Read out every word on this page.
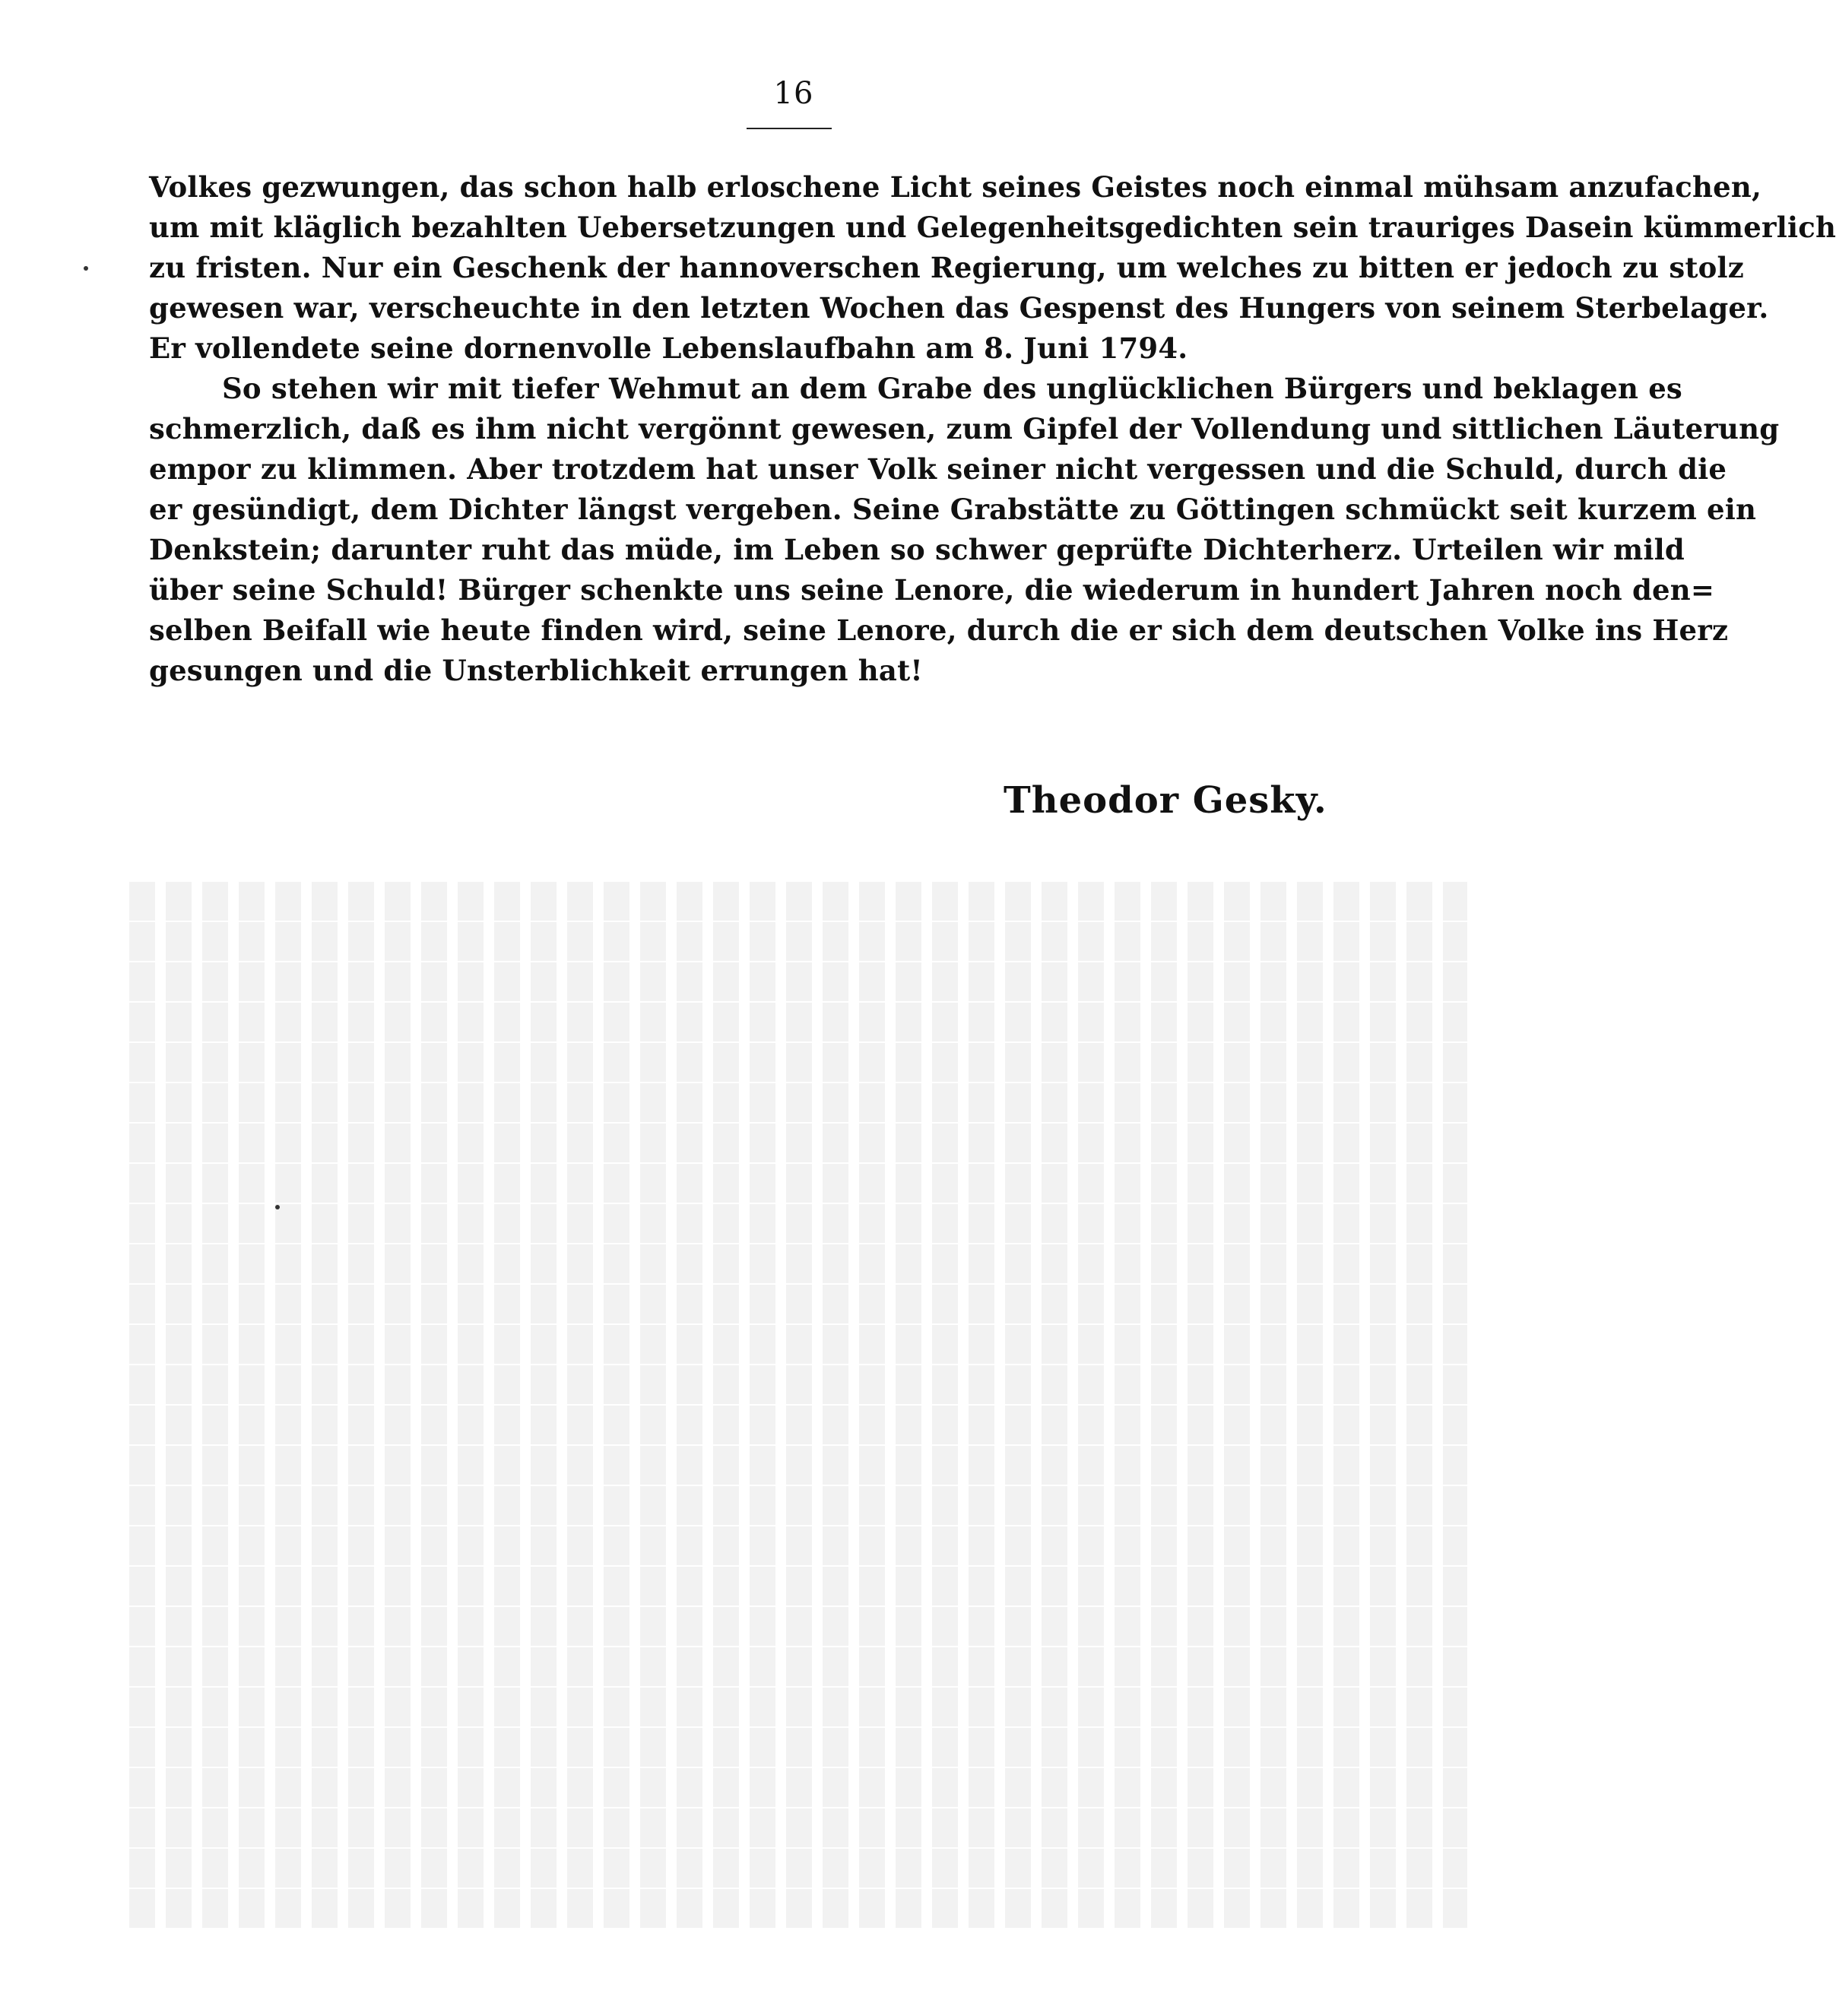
16
Volkes gezwungen, das schon halb erloschene Licht seines Geistes noch einmal mühsam anzufachen,
um mit kläglich bezahlten Uebersetzungen und Gelegenheitsgedichten sein trauriges Dasein kümmerlich
zu fristen. Nur ein Geschenk der hannoverschen Regierung, um welches zu bitten er jedoch zu stolz
gewesen war, verscheuchte in den letzten Wochen das Gespenst des Hungers von seinem Sterbelager.
Er vollendete seine dornenvolle Lebenslaufbahn am 8. Juni 1794.
So stehen wir mit tiefer Wehmut an dem Grabe des unglücklichen Bürgers und beklagen es
schmerzlich, daß es ihm nicht vergönnt gewesen, zum Gipfel der Vollendung und sittlichen Läuterung
empor zu klimmen. Aber trotzdem hat unser Volk seiner nicht vergessen und die Schuld, durch die
er gesündigt, dem Dichter längst vergeben. Seine Grabstätte zu Göttingen schmückt seit kurzem ein
Denkstein; darunter ruht das müde, im Leben so schwer geprüfte Dichterherz. Urteilen wir mild
über seine Schuld! Bürger schenkte uns seine Lenore, die wiederum in hundert Jahren noch den=
selben Beifall wie heute finden wird, seine Lenore, durch die er sich dem deutschen Volke ins Herz
gesungen und die Unsterblichkeit errungen hat!
Theodor Gesky.
